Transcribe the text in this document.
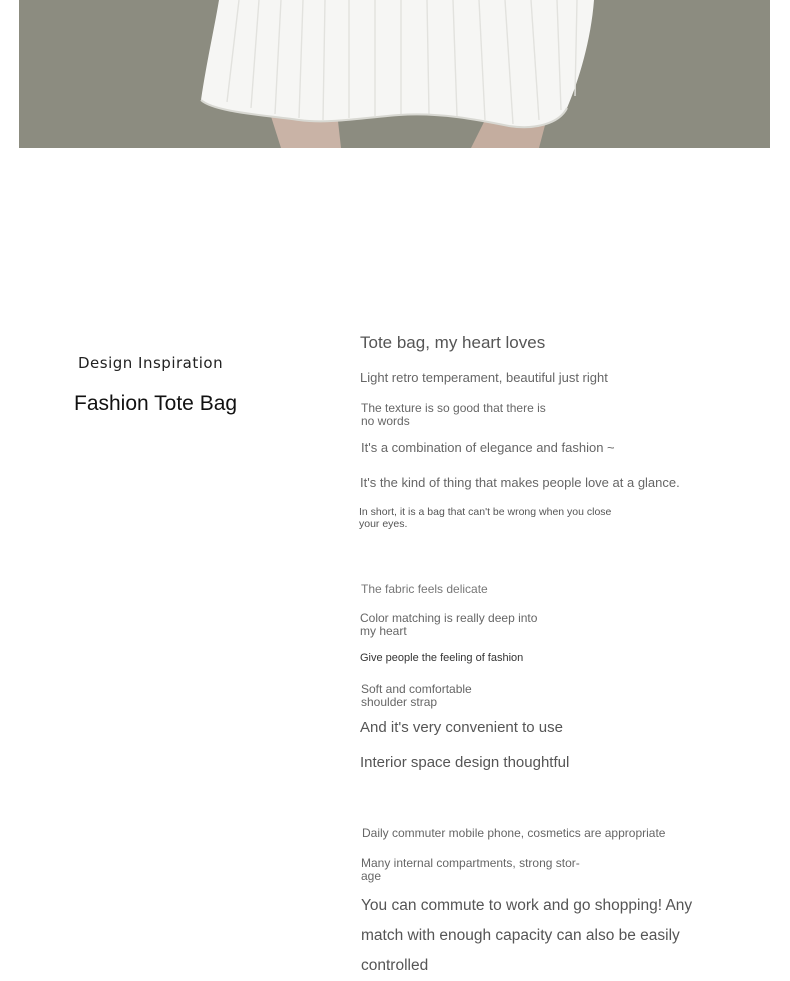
Design Inspiration
Fashion Tote Bag
Tote bag, my heart loves
Light retro temperament, beautiful just right
The texture is so good that there is no words
It's a combination of elegance and fashion ~
It's the kind of thing that makes people love at a glance.
In short, it is a bag that can't be wrong when you close your eyes.
The fabric feels delicate
Color matching is really deep into my heart
Give people the feeling of fashion
Soft and comfortable shoulder strap
And it's very convenient to use
Interior space design thoughtful
Daily commuter mobile phone, cosmetics are appropriate
Many internal compartments, strong stor-age
You can commute to work and go shopping! Any match with enough capacity can also be easily controlled
